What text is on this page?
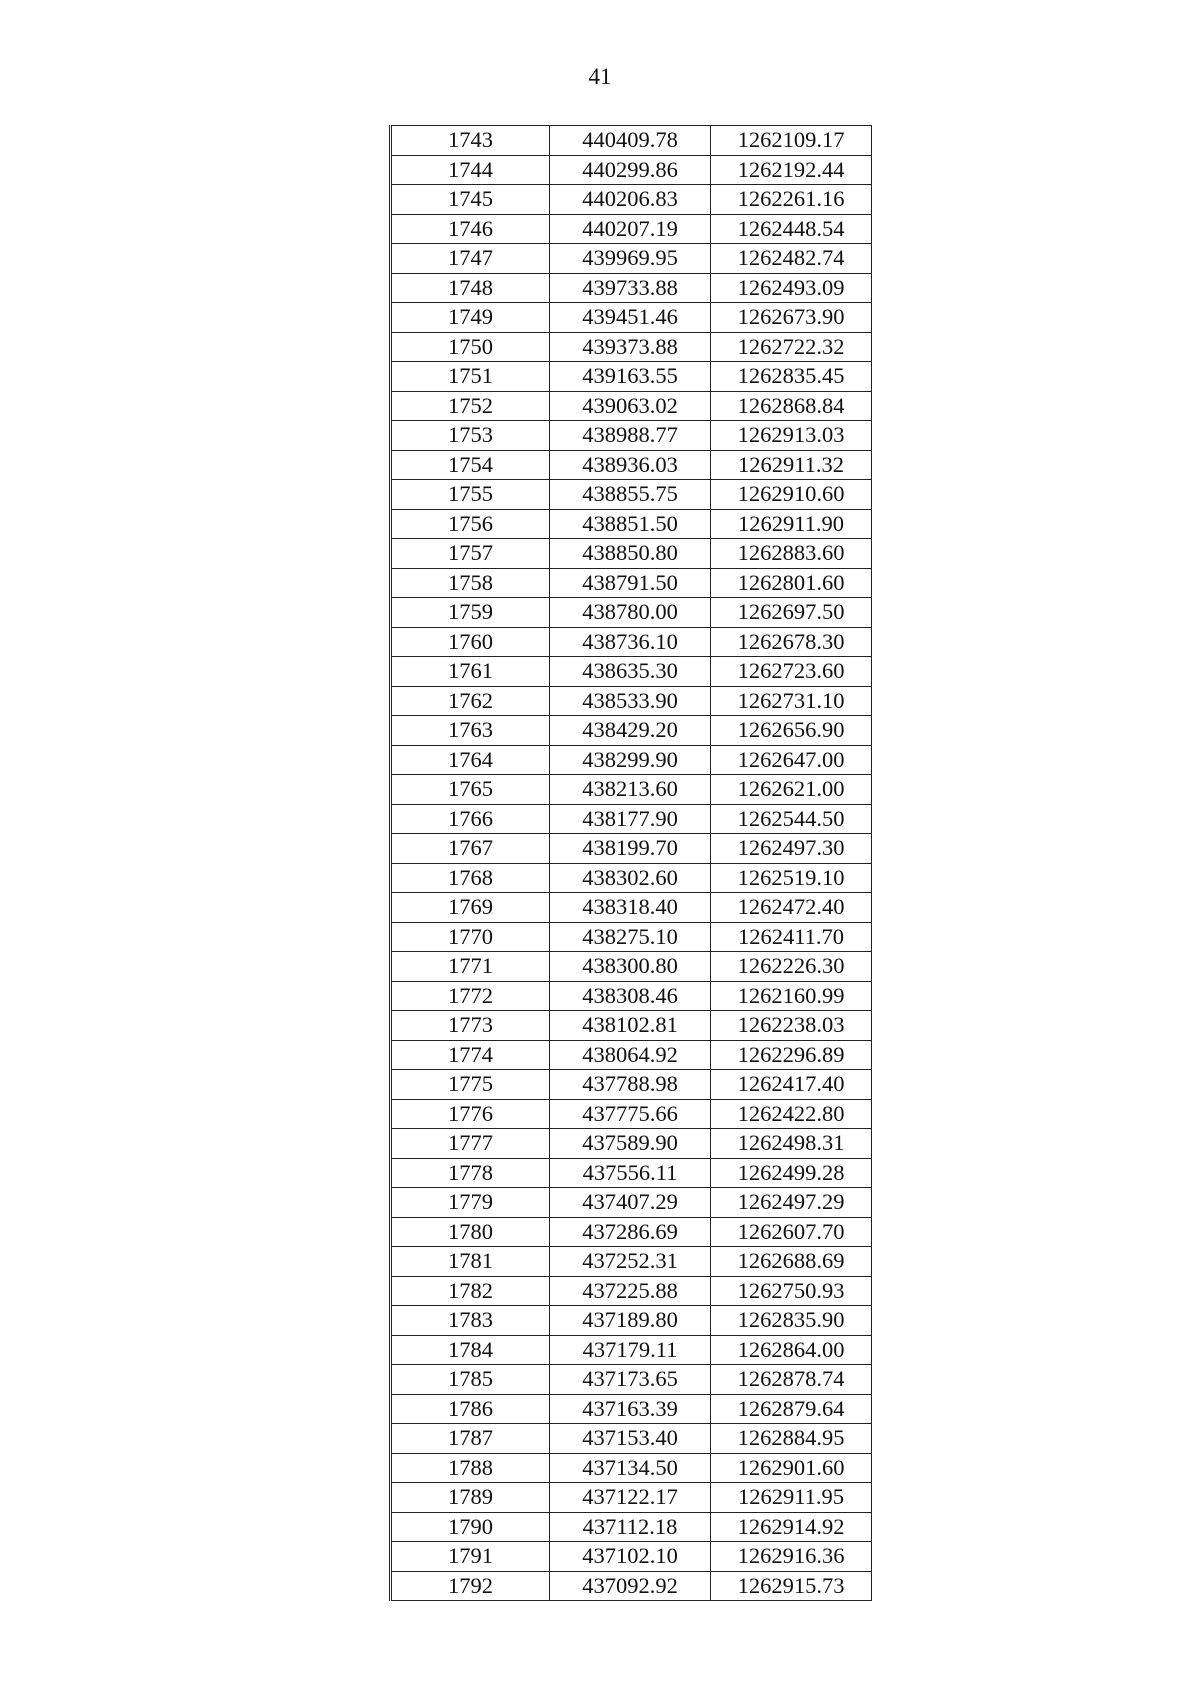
41
1743	440409.78	1262109.17
1744	440299.86	1262192.44
1745	440206.83	1262261.16
1746	440207.19	1262448.54
1747	439969.95	1262482.74
1748	439733.88	1262493.09
1749	439451.46	1262673.90
1750	439373.88	1262722.32
1751	439163.55	1262835.45
1752	439063.02	1262868.84
1753	438988.77	1262913.03
1754	438936.03	1262911.32
1755	438855.75	1262910.60
1756	438851.50	1262911.90
1757	438850.80	1262883.60
1758	438791.50	1262801.60
1759	438780.00	1262697.50
1760	438736.10	1262678.30
1761	438635.30	1262723.60
1762	438533.90	1262731.10
1763	438429.20	1262656.90
1764	438299.90	1262647.00
1765	438213.60	1262621.00
1766	438177.90	1262544.50
1767	438199.70	1262497.30
1768	438302.60	1262519.10
1769	438318.40	1262472.40
1770	438275.10	1262411.70
1771	438300.80	1262226.30
1772	438308.46	1262160.99
1773	438102.81	1262238.03
1774	438064.92	1262296.89
1775	437788.98	1262417.40
1776	437775.66	1262422.80
1777	437589.90	1262498.31
1778	437556.11	1262499.28
1779	437407.29	1262497.29
1780	437286.69	1262607.70
1781	437252.31	1262688.69
1782	437225.88	1262750.93
1783	437189.80	1262835.90
1784	437179.11	1262864.00
1785	437173.65	1262878.74
1786	437163.39	1262879.64
1787	437153.40	1262884.95
1788	437134.50	1262901.60
1789	437122.17	1262911.95
1790	437112.18	1262914.92
1791	437102.10	1262916.36
1792	437092.92	1262915.73
